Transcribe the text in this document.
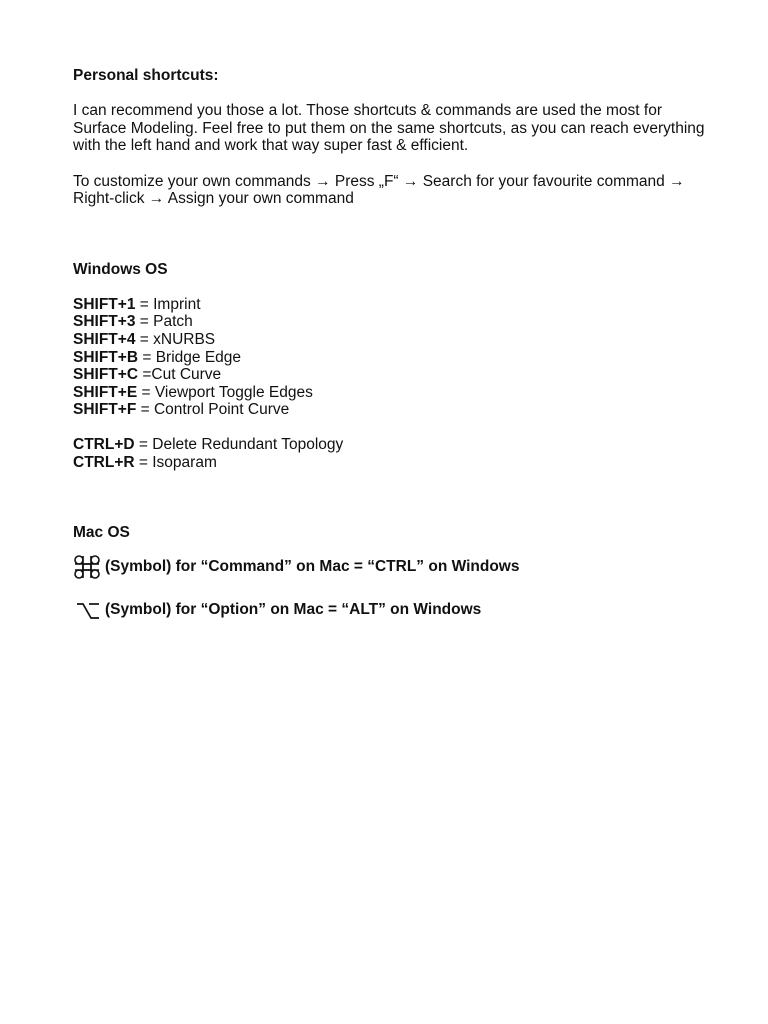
Personal shortcuts:
I can recommend you those a lot. Those shortcuts & commands are used the most for Surface Modeling. Feel free to put them on the same shortcuts, as you can reach everything with the left hand and work that way super fast & efficient.
To customize your own commands → Press „F“ → Search for your favourite command → Right-click → Assign your own command
Windows OS
SHIFT+1 = Imprint
SHIFT+3 = Patch
SHIFT+4 = xNURBS
SHIFT+B = Bridge Edge
SHIFT+C =Cut Curve
SHIFT+E = Viewport Toggle Edges
SHIFT+F = Control Point Curve
CTRL+D = Delete Redundant Topology
CTRL+R = Isoparam
Mac OS
(Symbol) for “Command” on Mac = “CTRL” on Windows
(Symbol) for “Option” on Mac = “ALT” on Windows
